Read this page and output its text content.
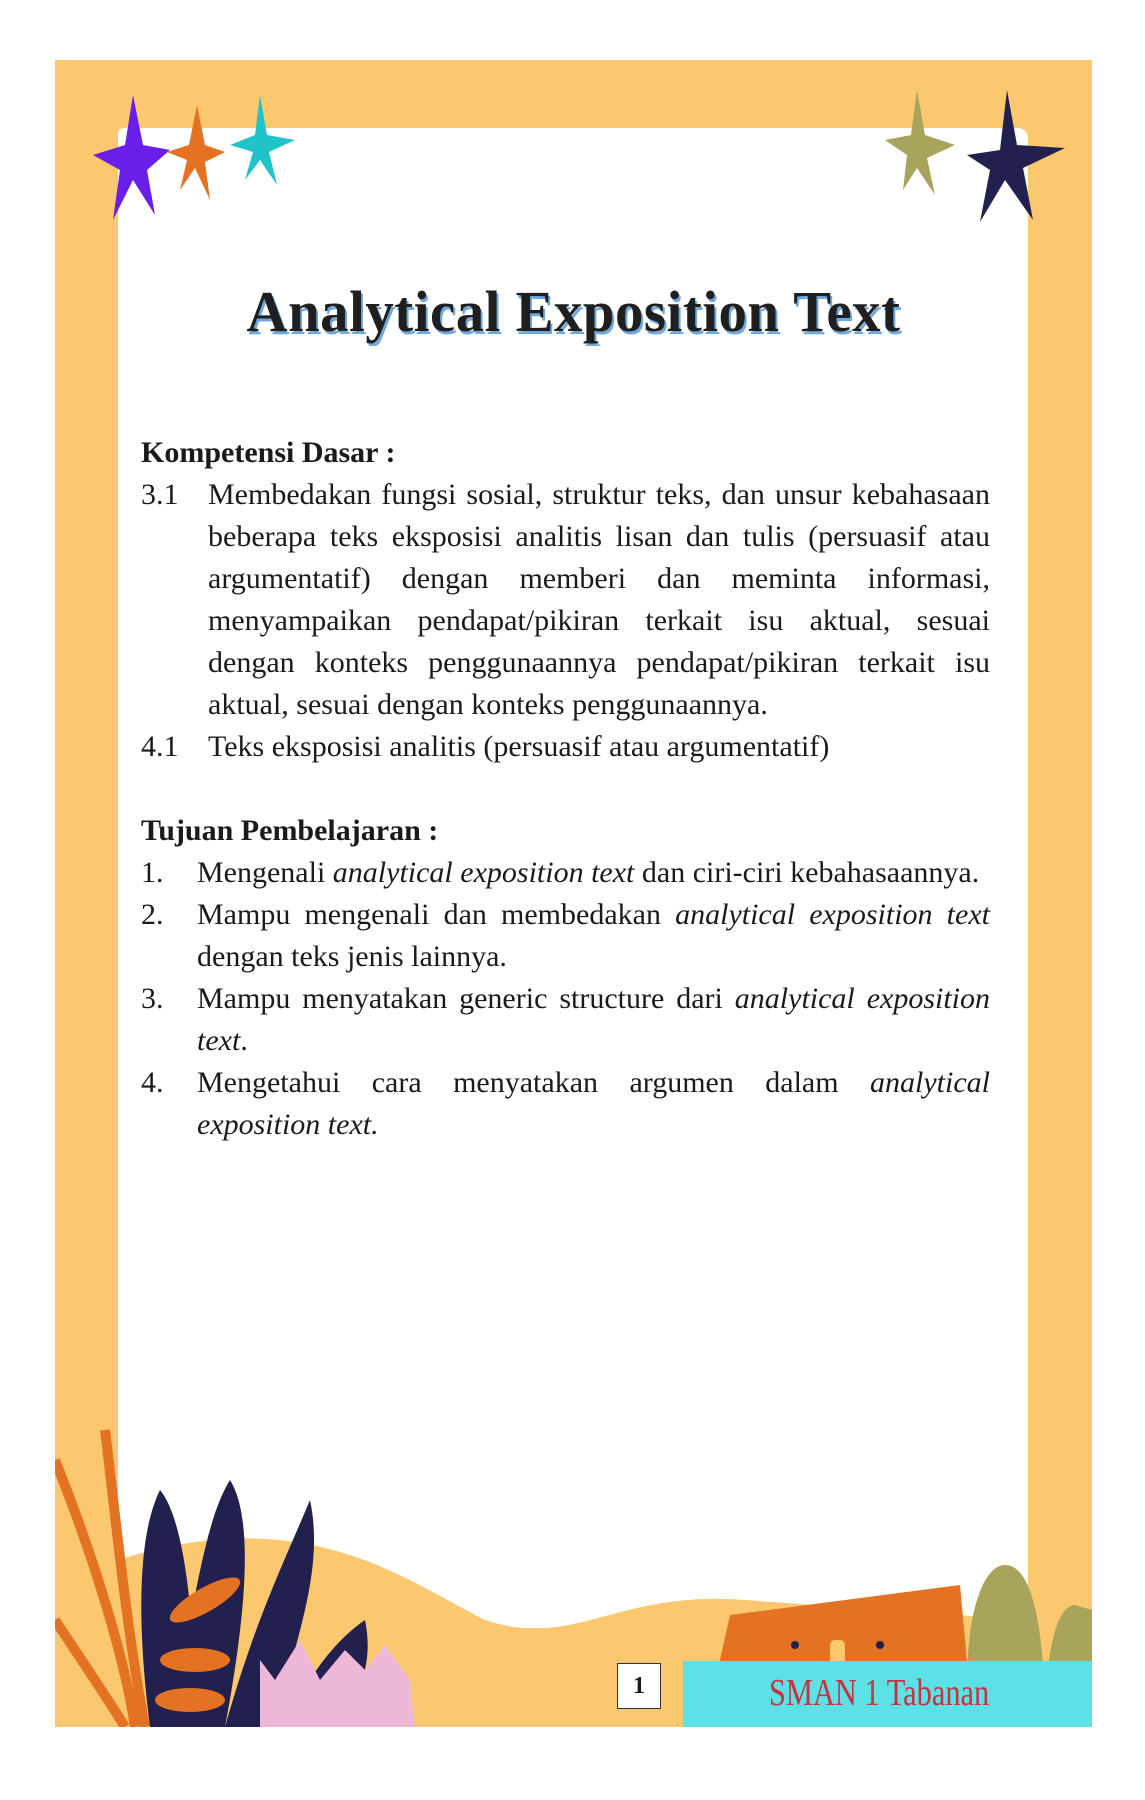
Analytical Exposition Text
Kompetensi Dasar :
3.1 Membedakan fungsi sosial, struktur teks, dan unsur kebahasaan beberapa teks eksposisi analitis lisan dan tulis (persuasif atau argumentatif) dengan memberi dan meminta informasi, menyampaikan pendapat/pikiran terkait isu aktual, sesuai dengan konteks penggunaannya pendapat/pikiran terkait isu aktual, sesuai dengan konteks penggunaannya.
4.1 Teks eksposisi analitis (persuasif atau argumentatif)
Tujuan Pembelajaran :
1.	Mengenali analytical exposition text dan ciri-ciri kebahasaannya.
2.	Mampu mengenali dan membedakan analytical exposition text dengan teks jenis lainnya.
3.	Mampu menyatakan generic structure dari analytical exposition text.
4.	Mengetahui cara menyatakan argumen dalam analytical exposition text.
1	SMAN 1 Tabanan
